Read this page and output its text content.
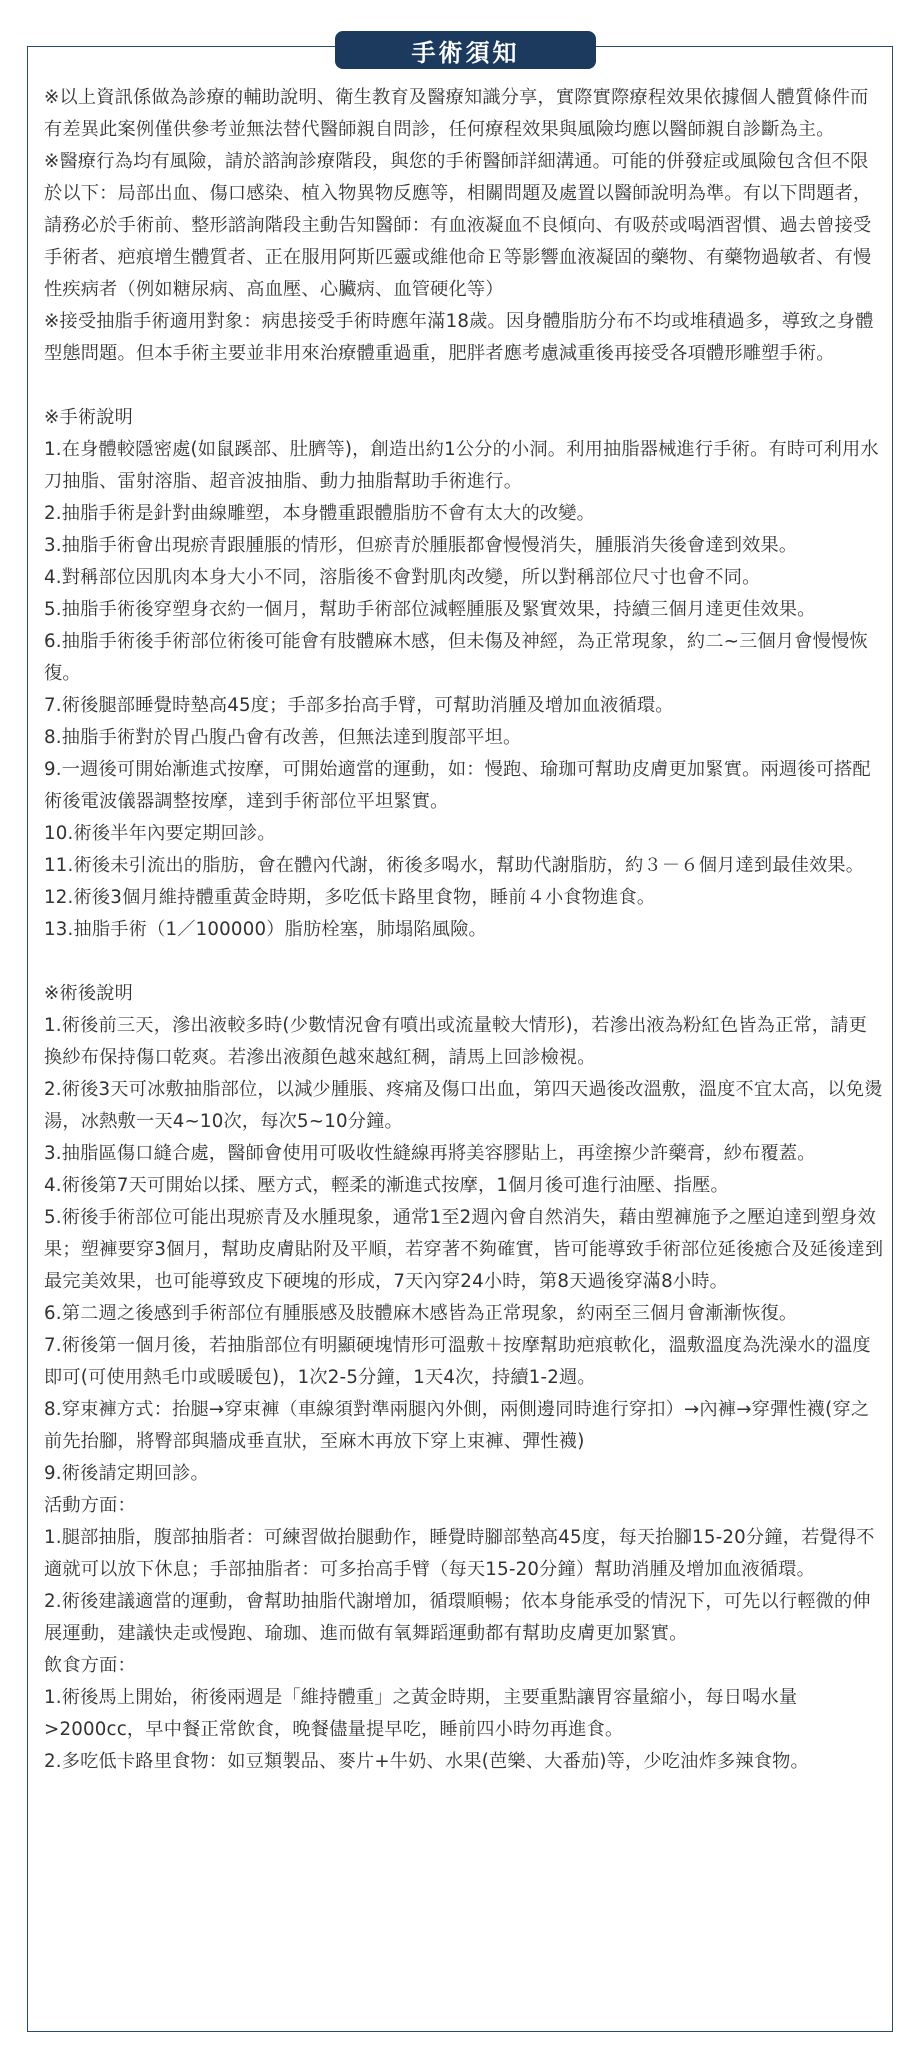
手術須知

※以上資訊係做為診療的輔助說明、衛生教育及醫療知識分享，實際實際療程效果依據個人體質條件而有差異此案例僅供參考並無法替代醫師親自問診，任何療程效果與風險均應以醫師親自診斷為主。

※醫療行為均有風險，請於諮詢診療階段，與您的手術醫師詳細溝通。可能的併發症或風險包含但不限於以下：局部出血、傷口感染、植入物異物反應等，相關問題及處置以醫師說明為準。有以下問題者，請務必於手術前、整形諮詢階段主動告知醫師：有血液凝血不良傾向、有吸菸或喝酒習慣、過去曾接受手術者、疤痕增生體質者、正在服用阿斯匹靈或維他命Ｅ等影響血液凝固的藥物、有藥物過敏者、有慢性疾病者（例如糖尿病、高血壓、心臟病、血管硬化等）

※接受抽脂手術適用對象：病患接受手術時應年滿18歲。因身體脂肪分布不均或堆積過多，導致之身體型態問題。但本手術主要並非用來治療體重過重，肥胖者應考慮減重後再接受各項體形雕塑手術。

※手術說明

1.在身體較隱密處(如鼠蹊部、肚臍等)，創造出約1公分的小洞。利用抽脂器械進行手術。有時可利用水刀抽脂、雷射溶脂、超音波抽脂、動力抽脂幫助手術進行。

2.抽脂手術是針對曲線雕塑，本身體重跟體脂肪不會有太大的改變。

3.抽脂手術會出現瘀青跟腫脹的情形，但瘀青於腫脹都會慢慢消失，腫脹消失後會達到效果。

4.對稱部位因肌肉本身大小不同，溶脂後不會對肌肉改變，所以對稱部位尺寸也會不同。

5.抽脂手術後穿塑身衣約一個月，幫助手術部位減輕腫脹及緊實效果，持續三個月達更佳效果。

6.抽脂手術後手術部位術後可能會有肢體麻木感，但未傷及神經，為正常現象，約二~三個月會慢慢恢復。

7.術後腿部睡覺時墊高45度；手部多抬高手臂，可幫助消腫及增加血液循環。

8.抽脂手術對於胃凸腹凸會有改善，但無法達到腹部平坦。

9.一週後可開始漸進式按摩，可開始適當的運動，如：慢跑、瑜珈可幫助皮膚更加緊實。兩週後可搭配術後電波儀器調整按摩，達到手術部位平坦緊實。

10.術後半年內要定期回診。

11.術後未引流出的脂肪，會在體內代謝，術後多喝水，幫助代謝脂肪，約３－６個月達到最佳效果。

12.術後3個月維持體重黃金時期，多吃低卡路里食物，睡前４小食物進食。

13.抽脂手術（1／100000）脂肪栓塞，肺塌陷風險。

※術後說明

1.術後前三天，滲出液較多時(少數情況會有噴出或流量較大情形)，若滲出液為粉紅色皆為正常，請更換紗布保持傷口乾爽。若滲出液顏色越來越紅稠，請馬上回診檢視。

2.術後3天可冰敷抽脂部位，以減少腫脹、疼痛及傷口出血，第四天過後改溫敷，溫度不宜太高，以免燙湯，冰熱敷一天4~10次，每次5~10分鐘。

3.抽脂區傷口縫合處，醫師會使用可吸收性縫線再將美容膠貼上，再塗擦少許藥膏，紗布覆蓋。

4.術後第7天可開始以揉、壓方式，輕柔的漸進式按摩，1個月後可進行油壓、指壓。

5.術後手術部位可能出現瘀青及水腫現象，通常1至2週內會自然消失，藉由塑褲施予之壓迫達到塑身效果；塑褲要穿3個月，幫助皮膚貼附及平順，若穿著不夠確實，皆可能導致手術部位延後癒合及延後達到最完美效果，也可能導致皮下硬塊的形成，7天內穿24小時，第8天過後穿滿8小時。

6.第二週之後感到手術部位有腫脹感及肢體麻木感皆為正常現象，約兩至三個月會漸漸恢復。

7.術後第一個月後，若抽脂部位有明顯硬塊情形可溫敷＋按摩幫助疤痕軟化，溫敷溫度為洗澡水的溫度即可(可使用熱毛巾或暖暖包)，1次2-5分鐘，1天4次，持續1-2週。

8.穿束褲方式：抬腿→穿束褲（車線須對準兩腿內外側，兩側邊同時進行穿扣）→內褲→穿彈性襪(穿之前先抬腳，將臀部與牆成垂直狀，至麻木再放下穿上束褲、彈性襪)

9.術後請定期回診。

活動方面：

1.腿部抽脂，腹部抽脂者：可練習做抬腿動作，睡覺時腳部墊高45度，每天抬腳15-20分鐘，若覺得不適就可以放下休息；手部抽脂者：可多抬高手臂（每天15-20分鐘）幫助消腫及增加血液循環。

2.術後建議適當的運動，會幫助抽脂代謝增加，循環順暢；依本身能承受的情況下，可先以行輕微的伸展運動，建議快走或慢跑、瑜珈、進而做有氧舞蹈運動都有幫助皮膚更加緊實。

飲食方面：

1.術後馬上開始，術後兩週是「維持體重」之黃金時期，主要重點讓胃容量縮小，每日喝水量>2000cc，早中餐正常飲食，晚餐儘量提早吃，睡前四小時勿再進食。

2.多吃低卡路里食物：如豆類製品、麥片+牛奶、水果(芭樂、大番茄)等，少吃油炸多辣食物。
